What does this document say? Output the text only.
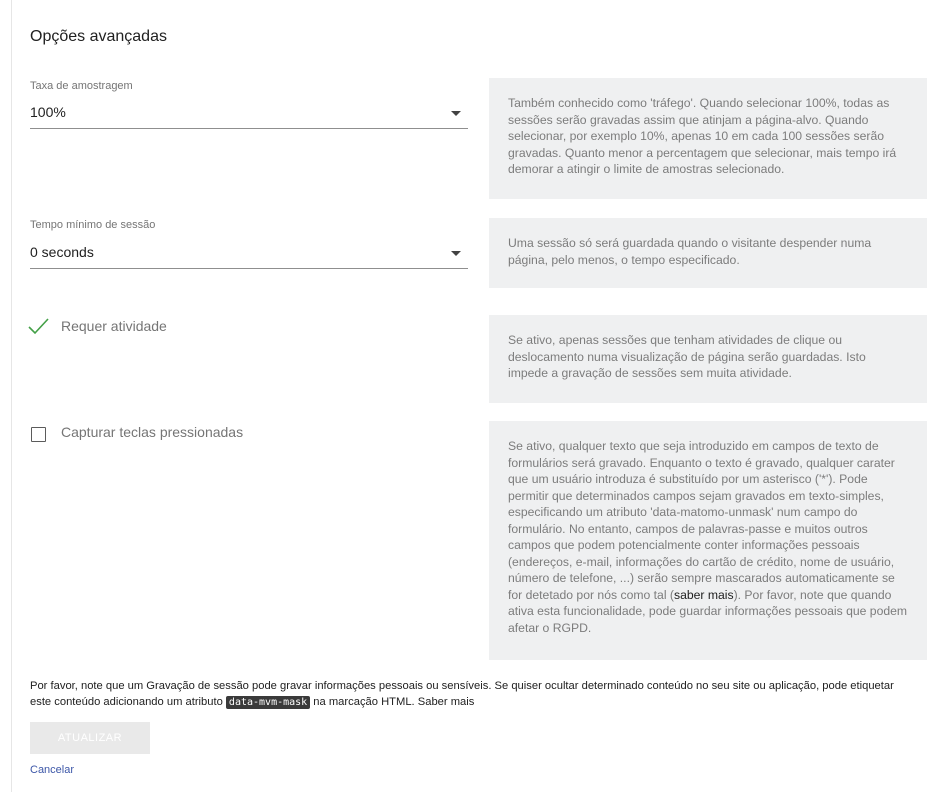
Opções avançadas
Taxa de amostragem
100%
Também conhecido como 'tráfego'. Quando selecionar 100%, todas as sessões serão gravadas assim que atinjam a página-alvo. Quando selecionar, por exemplo 10%, apenas 10 em cada 100 sessões serão gravadas. Quanto menor a percentagem que selecionar, mais tempo irá demorar a atingir o limite de amostras selecionado.
Tempo mínimo de sessão
0 seconds
Uma sessão só será guardada quando o visitante despender numa página, pelo menos, o tempo especificado.
Requer atividade
Se ativo, apenas sessões que tenham atividades de clique ou deslocamento numa visualização de página serão guardadas. Isto impede a gravação de sessões sem muita atividade.
Capturar teclas pressionadas
Se ativo, qualquer texto que seja introduzido em campos de texto de formulários será gravado. Enquanto o texto é gravado, qualquer carater que um usuário introduza é substituído por um asterisco ('*'). Pode permitir que determinados campos sejam gravados em texto-simples, especificando um atributo 'data-matomo-unmask' num campo do formulário. No entanto, campos de palavras-passe e muitos outros campos que podem potencialmente conter informações pessoais (endereços, e-mail, informações do cartão de crédito, nome de usuário, número de telefone, ...) serão sempre mascarados automaticamente se for detetado por nós como tal (saber mais). Por favor, note que quando ativa esta funcionalidade, pode guardar informações pessoais que podem afetar o RGPD.
Por favor, note que um Gravação de sessão pode gravar informações pessoais ou sensíveis. Se quiser ocultar determinado conteúdo no seu site ou aplicação, pode etiquetar este conteúdo adicionando um atributo data-mvm-mask na marcação HTML. Saber mais
ATUALIZAR
Cancelar
